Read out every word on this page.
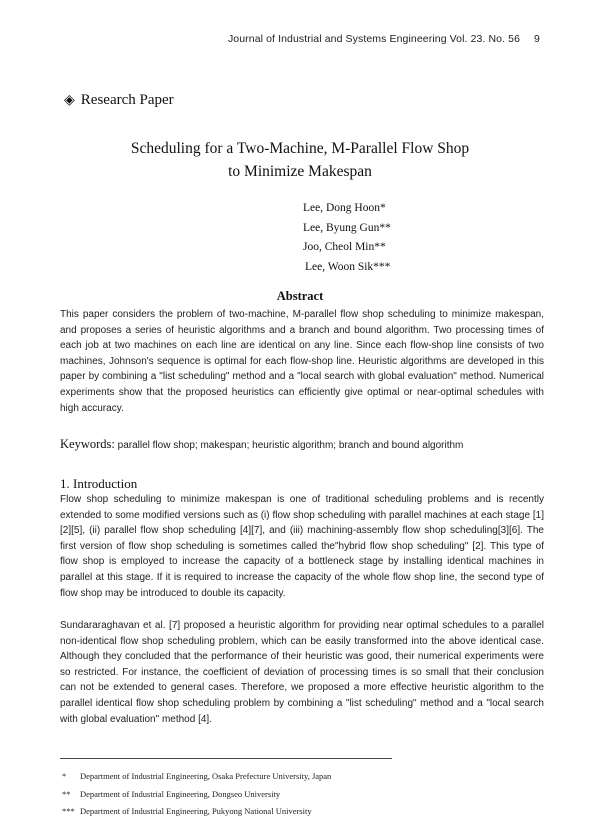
Journal of Industrial and Systems Engineering Vol. 23. No. 56 9
◈ Research Paper
Scheduling for a Two-Machine, M-Parallel Flow Shop
to Minimize Makespan
Lee, Dong Hoon*
Lee, Byung Gun**
Joo, Cheol Min**
Lee, Woon Sik***
Abstract
This paper considers the problem of two-machine, M-parallel flow shop scheduling to minimize makespan, and proposes a series of heuristic algorithms and a branch and bound algorithm. Two processing times of each job at two machines on each line are identical on any line. Since each flow-shop line consists of two machines, Johnson's sequence is optimal for each flow-shop line. Heuristic algorithms are developed in this paper by combining a "list scheduling" method and a "local search with global evaluation" method. Numerical experiments show that the proposed heuristics can efficiently give optimal or near-optimal schedules with high accuracy.
Keywords: parallel flow shop; makespan; heuristic algorithm; branch and bound algorithm
1. Introduction
Flow shop scheduling to minimize makespan is one of traditional scheduling problems and is recently extended to some modified versions such as (i) flow shop scheduling with parallel machines at each stage [1][2][5], (ii) parallel flow shop scheduling [4][7], and (iii) machining-assembly flow shop scheduling[3][6]. The first version of flow shop scheduling is sometimes called the"hybrid flow shop scheduling" [2]. This type of flow shop is employed to increase the capacity of a bottleneck stage by installing identical machines in parallel at this stage. If it is required to increase the capacity of the whole flow shop line, the second type of flow shop may be introduced to double its capacity.
Sundararaghavan et al. [7] proposed a heuristic algorithm for providing near optimal schedules to a parallel non-identical flow shop scheduling problem, which can be easily transformed into the above identical case. Although they concluded that the performance of their heuristic was good, their numerical experiments were so restricted. For instance, the coefficient of deviation of processing times is so small that their conclusion can not be extended to general cases. Therefore, we proposed a more effective heuristic algorithm to the parallel identical flow shop scheduling problem by combining a "list scheduling" method and a "local search with global evaluation" method [4].
* Department of Industrial Engineering, Osaka Prefecture University, Japan
** Department of Industrial Engineering, Dongseo University
*** Department of Industrial Engineering, Pukyong National University
